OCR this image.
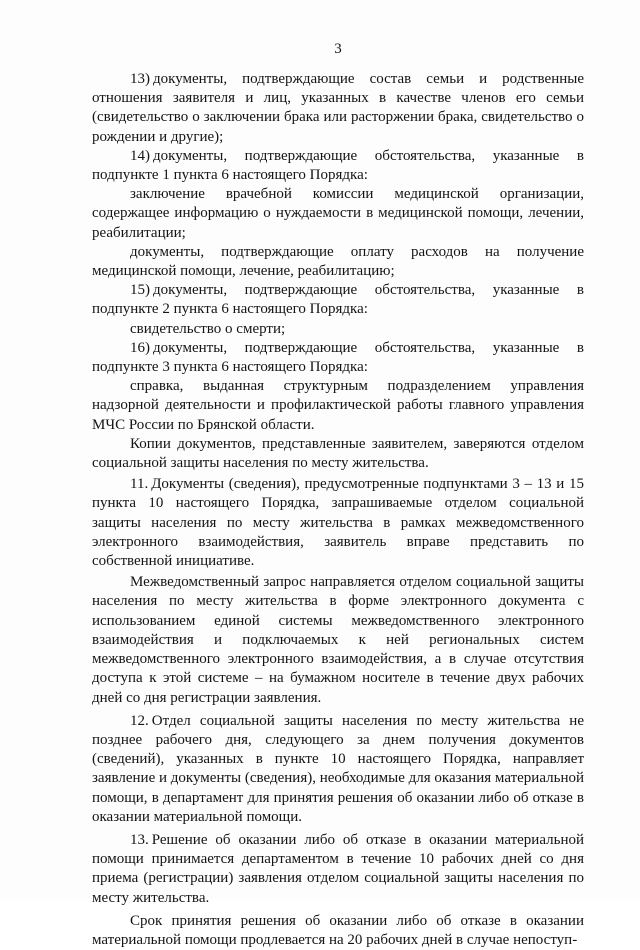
3

13) документы, подтверждающие состав семьи и родственные отношения заявителя и лиц, указанных в качестве членов его семьи (свидетельство о заключении брака или расторжении брака, свидетельство о рождении и другие);

14) документы, подтверждающие обстоятельства, указанные в подпункте 1 пункта 6 настоящего Порядка:

заключение врачебной комиссии медицинской организации, содержащее информацию о нуждаемости в медицинской помощи, лечении, реабилитации;

документы, подтверждающие оплату расходов на получение медицинской помощи, лечение, реабилитацию;

15) документы, подтверждающие обстоятельства, указанные в подпункте 2 пункта 6 настоящего Порядка:

свидетельство о смерти;

16) документы, подтверждающие обстоятельства, указанные в подпункте 3 пункта 6 настоящего Порядка:

справка, выданная структурным подразделением управления надзорной деятельности и профилактической работы главного управления МЧС России по Брянской области.

Копии документов, представленные заявителем, заверяются отделом социальной защиты населения по месту жительства.

11. Документы (сведения), предусмотренные подпунктами 3 – 13 и 15 пункта 10 настоящего Порядка, запрашиваемые отделом социальной защиты населения по месту жительства в рамках межведомственного электронного взаимодействия, заявитель вправе представить по собственной инициативе.

Межведомственный запрос направляется отделом социальной защиты населения по месту жительства в форме электронного документа с использованием единой системы межведомственного электронного взаимодействия и подключаемых к ней региональных систем межведомственного электронного взаимодействия, а в случае отсутствия доступа к этой системе – на бумажном носителе в течение двух рабочих дней со дня регистрации заявления.

12. Отдел социальной защиты населения по месту жительства не позднее рабочего дня, следующего за днем получения документов (сведений), указанных в пункте 10 настоящего Порядка, направляет заявление и документы (сведения), необходимые для оказания материальной помощи, в департамент для принятия решения об оказании либо об отказе в оказании материальной помощи.

13. Решение об оказании либо об отказе в оказании материальной помощи принимается департаментом в течение 10 рабочих дней со дня приема (регистрации) заявления отделом социальной защиты населения по месту жительства.

Срок принятия решения об оказании либо об отказе в оказании материальной помощи продлевается на 20 рабочих дней в случае непоступ-
